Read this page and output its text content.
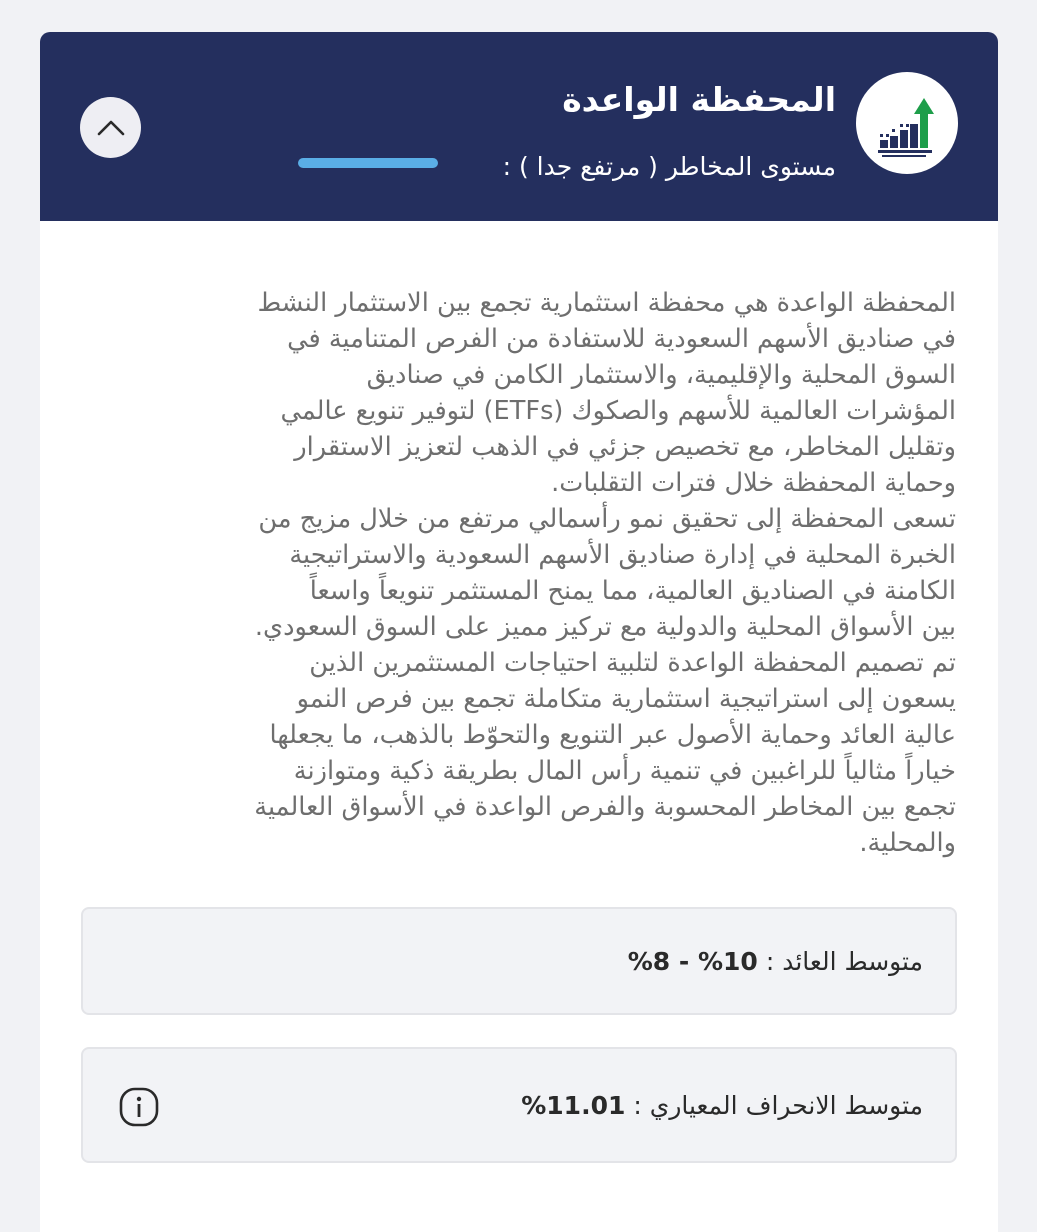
المحفظة الواعدة
مستوى المخاطر ( مرتفع جدا ) :
المحفظة الواعدة هي محفظة استثمارية تجمع بين الاستثمار النشط
في صناديق الأسهم السعودية للاستفادة من الفرص المتنامية في
السوق المحلية والإقليمية، والاستثمار الكامن في صناديق
المؤشرات العالمية للأسهم والصكوك (ETFs) لتوفير تنويع عالمي
وتقليل المخاطر، مع تخصيص جزئي في الذهب لتعزيز الاستقرار
وحماية المحفظة خلال فترات التقلبات.
تسعى المحفظة إلى تحقيق نمو رأسمالي مرتفع من خلال مزيج من
الخبرة المحلية في إدارة صناديق الأسهم السعودية والاستراتيجية
الكامنة في الصناديق العالمية، مما يمنح المستثمر تنويعاً واسعاً
بين الأسواق المحلية والدولية مع تركيز مميز على السوق السعودي.
تم تصميم المحفظة الواعدة لتلبية احتياجات المستثمرين الذين
يسعون إلى استراتيجية استثمارية متكاملة تجمع بين فرص النمو
عالية العائد وحماية الأصول عبر التنويع والتحوّط بالذهب، ما يجعلها
خياراً مثالياً للراغبين في تنمية رأس المال بطريقة ذكية ومتوازنة
تجمع بين المخاطر المحسوبة والفرص الواعدة في الأسواق العالمية
والمحلية.
متوسط العائد :
%8 - %10
متوسط الانحراف المعياري :
%11.01
